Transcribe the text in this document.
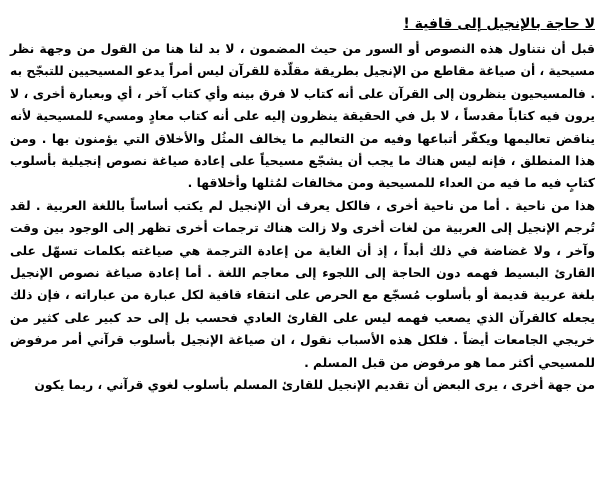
لا حاجة بالإنجيل إلى قافية !

قبل أن نتناول هذه النصوص أو السور من حيث المضمون ، لا بد لنا هنا من القول من وجهة نظر مسيحية ، أن صياغة مقاطع من الإنجيل بطريقة مقلّدة للقرآن ليس أمراً يدعو المسيحيين للتبجّح به . فالمسيحيون ينظرون إلى القرآن على أنه كتاب لا فرق بينه وأي كتاب آخر ، أي وبعبارة أخرى ، لا يرون فيه كتاباً مقدساً ، لا بل في الحقيقة ينظرون إليه على أنه كتاب معادٍ ومسيء للمسيحية لأنه يناقض تعاليمها ويكفّر أتباعها وفيه من التعاليم ما يخالف المثُل والأخلاق التي يؤمنون بها . ومن هذا المنطلق ، فإنه ليس هناك ما يجب أن يشجّع مسيحياً على إعادة صياغة نصوص إنجيلية بأسلوب كتابٍ فيه ما فيه من العداء للمسيحية ومن مخالفات لمُثلها وأخلاقها .

هذا من ناحية . أما من ناحية أخرى ، فالكل يعرف أن الإنجيل لم يكتب أساساً باللغة العربية . لقد تُرجم الإنجيل إلى العربية من لغات أخرى ولا زالت هناك ترجمات أخرى تظهر إلى الوجود بين وقت وآخر ، ولا غضاضة في ذلك أبداً ، إذ أن الغاية من إعادة الترجمة هي صياغته بكلمات تسهّل على القارئ البسيط فهمه دون الحاجة إلى اللجوء إلى معاجم اللغة . أما إعادة صياغة نصوص الإنجيل بلغة عربية قديمة أو بأسلوب مُسجّع مع الحرص على انتقاء قافية لكل عبارة من عباراته ، فإن ذلك يجعله كالقرآن الذي يصعب فهمه ليس على القارئ العادي فحسب بل إلى حد كبير على كثير من خريجي الجامعات أيضاً . فلكل هذه الأسباب نقول ، ان صياغة الإنجيل بأسلوب قرآني أمر مرفوض للمسيحي أكثر مما هو مرفوض من قبل المسلم .

من جهة أخرى ، يرى البعض أن تقديم الإنجيل للقارئ المسلم بأسلوب لغوي قرآني ، ربما يكون
